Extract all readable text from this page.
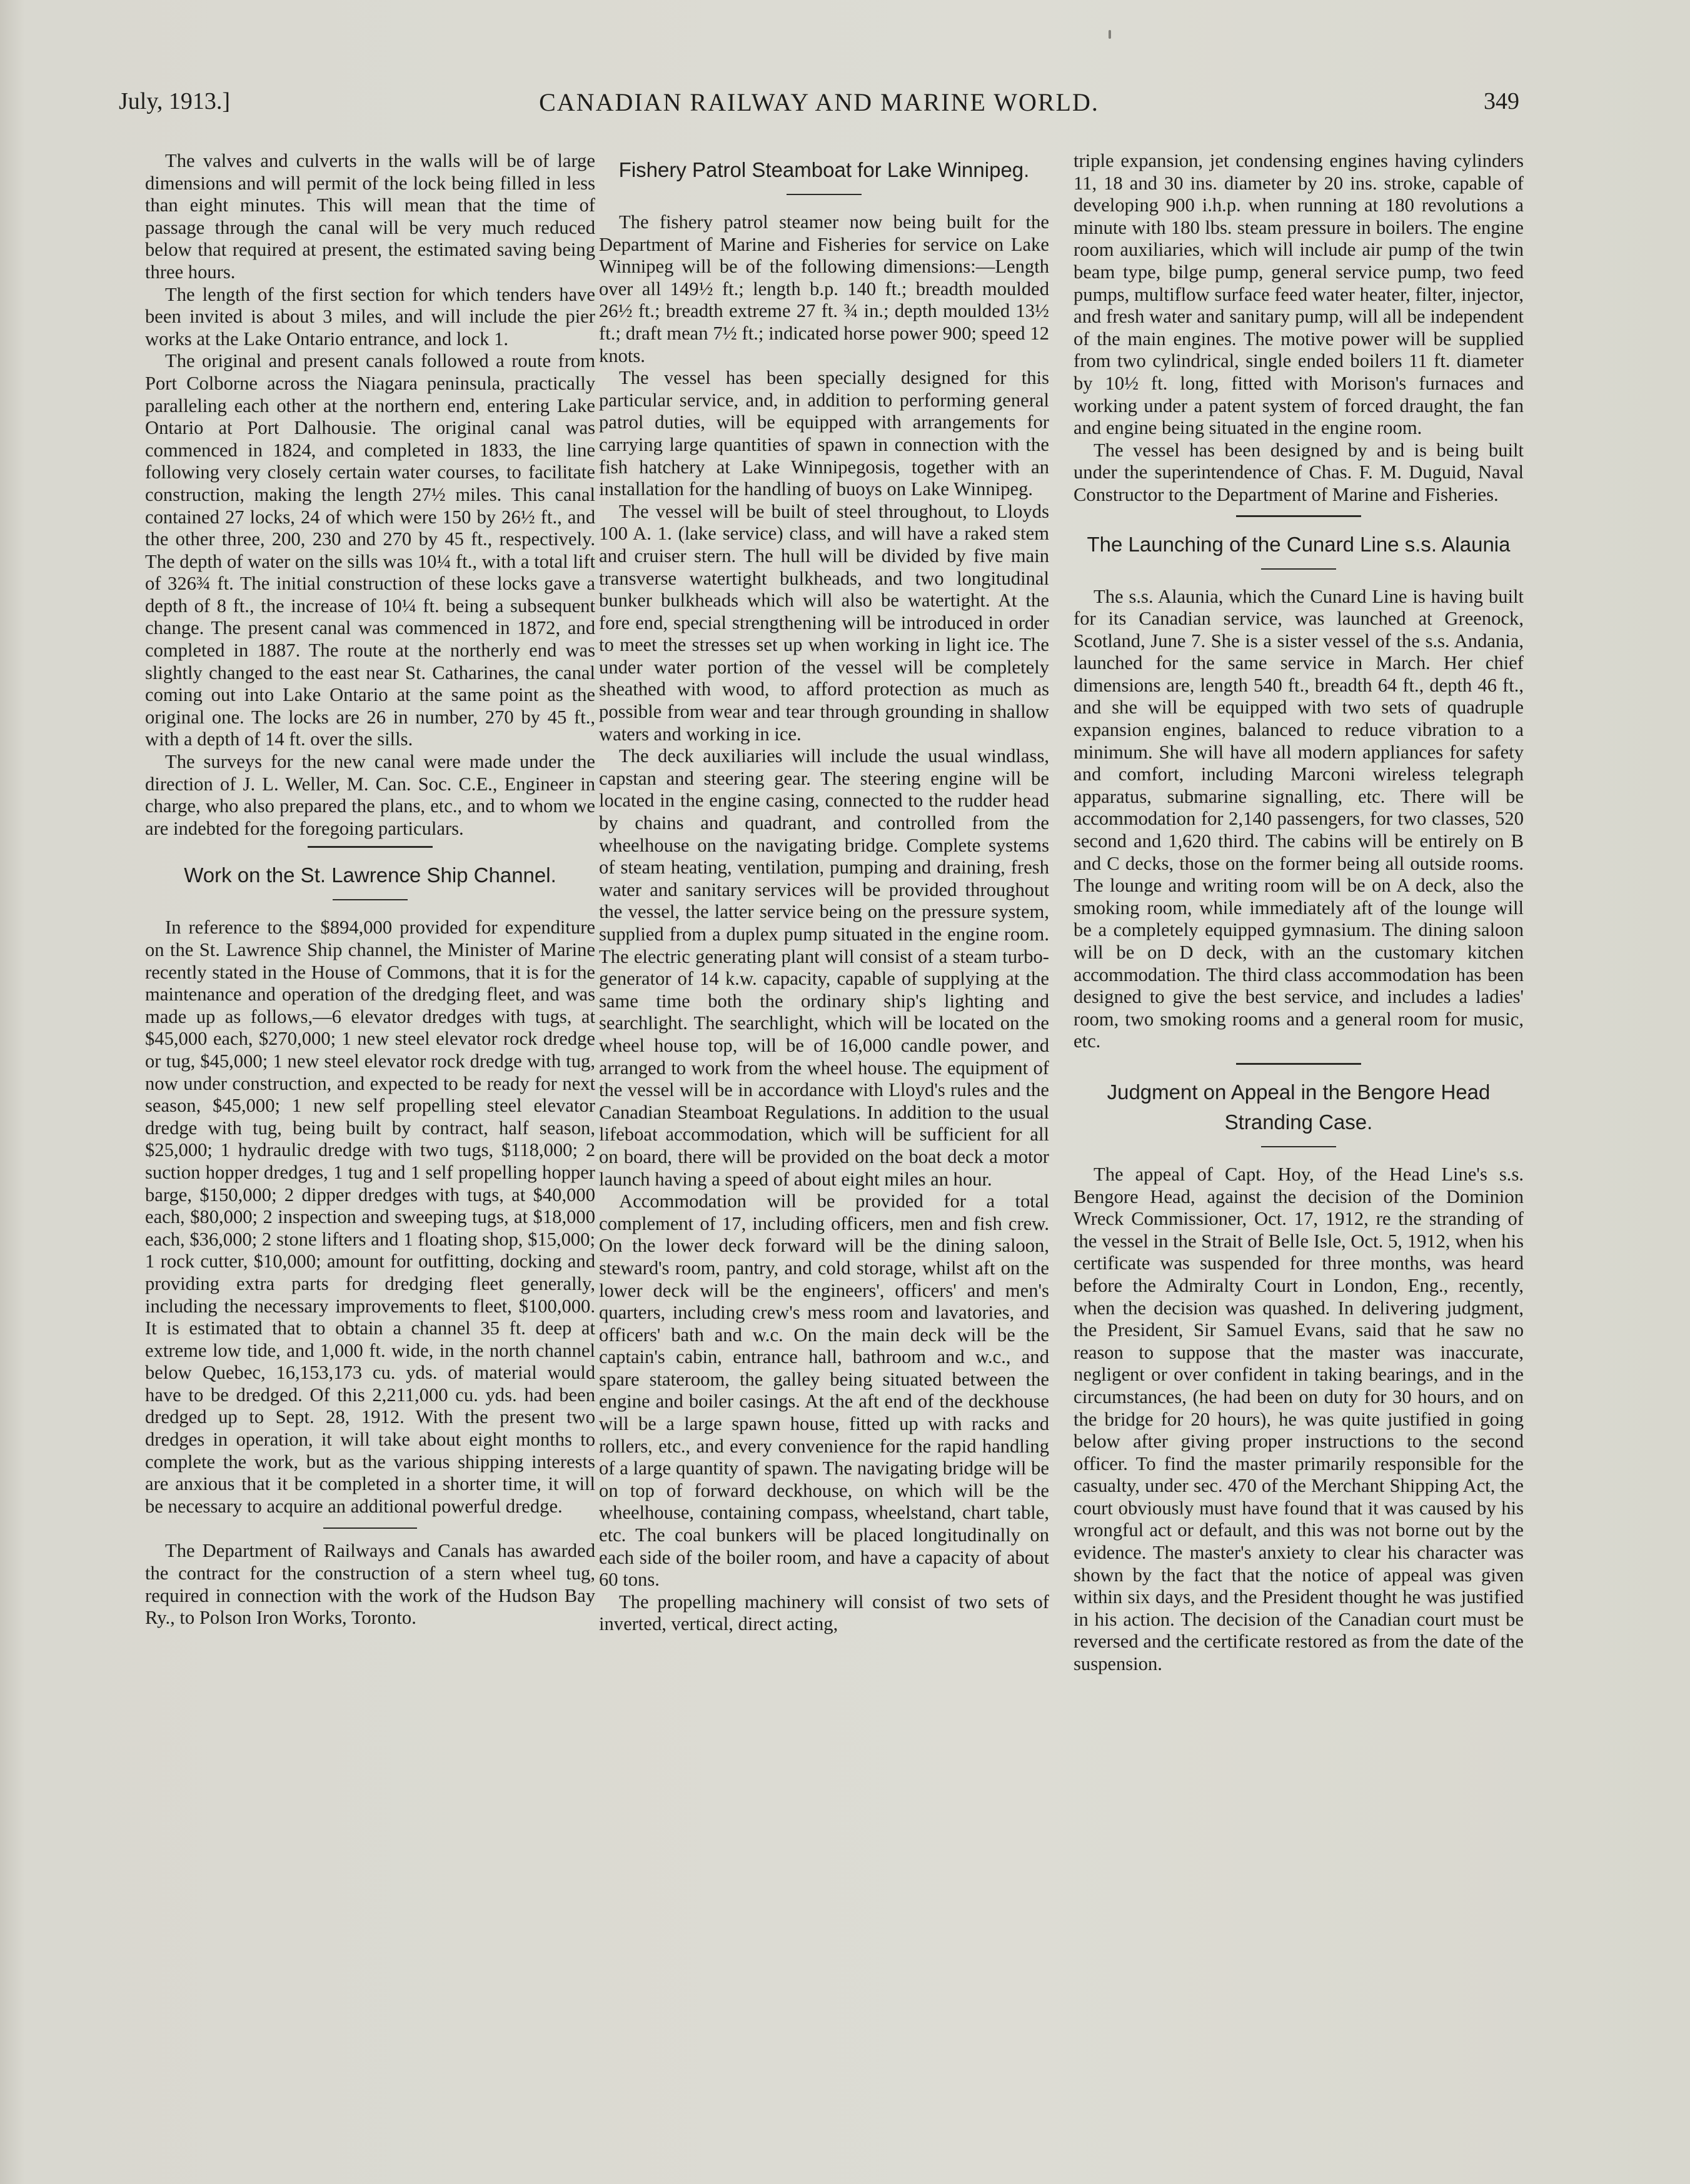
July, 1913.]	CANADIAN RAILWAY AND MARINE WORLD.	349

The valves and culverts in the walls will be of large dimensions and will permit of the lock being filled in less than eight minutes. This will mean that the time of passage through the canal will be very much reduced below that required at present, the estimated saving being three hours.

The length of the first section for which tenders have been invited is about 3 miles, and will include the pier works at the Lake Ontario entrance, and lock 1.

The original and present canals followed a route from Port Colborne across the Niagara peninsula, practically paralleling each other at the northern end, entering Lake Ontario at Port Dalhousie. The original canal was commenced in 1824, and completed in 1833, the line following very closely certain water courses, to facilitate construction, making the length 27½ miles. This canal contained 27 locks, 24 of which were 150 by 26½ ft., and the other three, 200, 230 and 270 by 45 ft., respectively. The depth of water on the sills was 10¼ ft., with a total lift of 326¾ ft. The initial construction of these locks gave a depth of 8 ft., the increase of 10¼ ft. being a subsequent change. The present canal was commenced in 1872, and completed in 1887. The route at the northerly end was slightly changed to the east near St. Catharines, the canal coming out into Lake Ontario at the same point as the original one. The locks are 26 in number, 270 by 45 ft., with a depth of 14 ft. over the sills.

The surveys for the new canal were made under the direction of J. L. Weller, M. Can. Soc. C.E., Engineer in charge, who also prepared the plans, etc., and to whom we are indebted for the foregoing particulars.

Work on the St. Lawrence Ship Channel.

In reference to the $894,000 provided for expenditure on the St. Lawrence Ship channel, the Minister of Marine recently stated in the House of Commons, that it is for the maintenance and operation of the dredging fleet, and was made up as follows,—6 elevator dredges with tugs, at $45,000 each, $270,000; 1 new steel elevator rock dredge or tug, $45,000; 1 new steel elevator rock dredge with tug, now under construction, and expected to be ready for next season, $45,000; 1 new self propelling steel elevator dredge with tug, being built by contract, half season, $25,000; 1 hydraulic dredge with two tugs, $118,000; 2 suction hopper dredges, 1 tug and 1 self propelling hopper barge, $150,000; 2 dipper dredges with tugs, at $40,000 each, $80,000; 2 inspection and sweeping tugs, at $18,000 each, $36,000; 2 stone lifters and 1 floating shop, $15,000; 1 rock cutter, $10,000; amount for outfitting, docking and providing extra parts for dredging fleet generally, including the necessary improvements to fleet, $100,000. It is estimated that to obtain a channel 35 ft. deep at extreme low tide, and 1,000 ft. wide, in the north channel below Quebec, 16,153,173 cu. yds. of material would have to be dredged. Of this 2,211,000 cu. yds. had been dredged up to Sept. 28, 1912. With the present two dredges in operation, it will take about eight months to complete the work, but as the various shipping interests are anxious that it be completed in a shorter time, it will be necessary to acquire an additional powerful dredge.

The Department of Railways and Canals has awarded the contract for the construction of a stern wheel tug, required in connection with the work of the Hudson Bay Ry., to Polson Iron Works, Toronto.

Fishery Patrol Steamboat for Lake Winnipeg.

The fishery patrol steamer now being built for the Department of Marine and Fisheries for service on Lake Winnipeg will be of the following dimensions:—Length over all 149½ ft.; length b.p. 140 ft.; breadth moulded 26½ ft.; breadth extreme 27 ft. ¾ in.; depth moulded 13½ ft.; draft mean 7½ ft.; indicated horse power 900; speed 12 knots.

The vessel has been specially designed for this particular service, and, in addition to performing general patrol duties, will be equipped with arrangements for carrying large quantities of spawn in connection with the fish hatchery at Lake Winnipegosis, together with an installation for the handling of buoys on Lake Winnipeg.

The vessel will be built of steel throughout, to Lloyds 100 A. 1. (lake service) class, and will have a raked stem and cruiser stern. The hull will be divided by five main transverse watertight bulkheads, and two longitudinal bunker bulkheads which will also be watertight. At the fore end, special strengthening will be introduced in order to meet the stresses set up when working in light ice. The under water portion of the vessel will be completely sheathed with wood, to afford protection as much as possible from wear and tear through grounding in shallow waters and working in ice.

The deck auxiliaries will include the usual windlass, capstan and steering gear. The steering engine will be located in the engine casing, connected to the rudder head by chains and quadrant, and controlled from the wheelhouse on the navigating bridge. Complete systems of steam heating, ventilation, pumping and draining, fresh water and sanitary services will be provided throughout the vessel, the latter service being on the pressure system, supplied from a duplex pump situated in the engine room. The electric generating plant will consist of a steam turbo-generator of 14 k.w. capacity, capable of supplying at the same time both the ordinary ship's lighting and searchlight. The searchlight, which will be located on the wheel house top, will be of 16,000 candle power, and arranged to work from the wheel house. The equipment of the vessel will be in accordance with Lloyd's rules and the Canadian Steamboat Regulations. In addition to the usual lifeboat accommodation, which will be sufficient for all on board, there will be provided on the boat deck a motor launch having a speed of about eight miles an hour.

Accommodation will be provided for a total complement of 17, including officers, men and fish crew. On the lower deck forward will be the dining saloon, steward's room, pantry, and cold storage, whilst aft on the lower deck will be the engineers', officers' and men's quarters, including crew's mess room and lavatories, and officers' bath and w.c. On the main deck will be the captain's cabin, entrance hall, bathroom and w.c., and spare stateroom, the galley being situated between the engine and boiler casings. At the aft end of the deckhouse will be a large spawn house, fitted up with racks and rollers, etc., and every convenience for the rapid handling of a large quantity of spawn. The navigating bridge will be on top of forward deckhouse, on which will be the wheelhouse, containing compass, wheelstand, chart table, etc. The coal bunkers will be placed longitudinally on each side of the boiler room, and have a capacity of about 60 tons.

The propelling machinery will consist of two sets of inverted, vertical, direct acting,

triple expansion, jet condensing engines having cylinders 11, 18 and 30 ins. diameter by 20 ins. stroke, capable of developing 900 i.h.p. when running at 180 revolutions a minute with 180 lbs. steam pressure in boilers. The engine room auxiliaries, which will include air pump of the twin beam type, bilge pump, general service pump, two feed pumps, multiflow surface feed water heater, filter, injector, and fresh water and sanitary pump, will all be independent of the main engines. The motive power will be supplied from two cylindrical, single ended boilers 11 ft. diameter by 10½ ft. long, fitted with Morison's furnaces and working under a patent system of forced draught, the fan and engine being situated in the engine room.

The vessel has been designed by and is being built under the superintendence of Chas. F. M. Duguid, Naval Constructor to the Department of Marine and Fisheries.

The Launching of the Cunard Line s.s. Alaunia

The s.s. Alaunia, which the Cunard Line is having built for its Canadian service, was launched at Greenock, Scotland, June 7. She is a sister vessel of the s.s. Andania, launched for the same service in March. Her chief dimensions are, length 540 ft., breadth 64 ft., depth 46 ft., and she will be equipped with two sets of quadruple expansion engines, balanced to reduce vibration to a minimum. She will have all modern appliances for safety and comfort, including Marconi wireless telegraph apparatus, submarine signalling, etc. There will be accommodation for 2,140 passengers, for two classes, 520 second and 1,620 third. The cabins will be entirely on B and C decks, those on the former being all outside rooms. The lounge and writing room will be on A deck, also the smoking room, while immediately aft of the lounge will be a completely equipped gymnasium. The dining saloon will be on D deck, with an the customary kitchen accommodation. The third class accommodation has been designed to give the best service, and includes a ladies' room, two smoking rooms and a general room for music, etc.

Judgment on Appeal in the Bengore Head Stranding Case.

The appeal of Capt. Hoy, of the Head Line's s.s. Bengore Head, against the decision of the Dominion Wreck Commissioner, Oct. 17, 1912, re the stranding of the vessel in the Strait of Belle Isle, Oct. 5, 1912, when his certificate was suspended for three months, was heard before the Admiralty Court in London, Eng., recently, when the decision was quashed. In delivering judgment, the President, Sir Samuel Evans, said that he saw no reason to suppose that the master was inaccurate, negligent or over confident in taking bearings, and in the circumstances, (he had been on duty for 30 hours, and on the bridge for 20 hours), he was quite justified in going below after giving proper instructions to the second officer. To find the master primarily responsible for the casualty, under sec. 470 of the Merchant Shipping Act, the court obviously must have found that it was caused by his wrongful act or default, and this was not borne out by the evidence. The master's anxiety to clear his character was shown by the fact that the notice of appeal was given within six days, and the President thought he was justified in his action. The decision of the Canadian court must be reversed and the certificate restored as from the date of the suspension.
